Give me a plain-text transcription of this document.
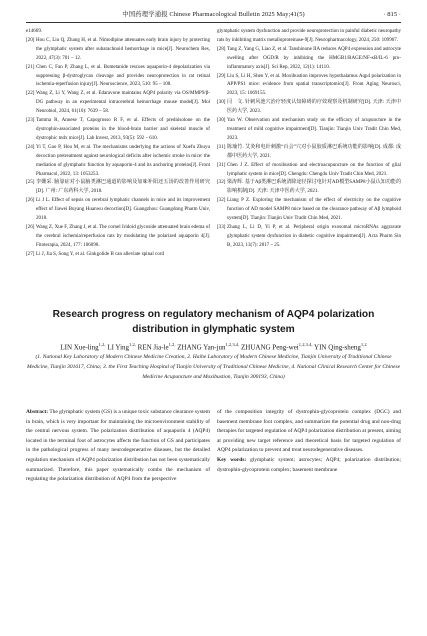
中国药理学通报 Chinese Pharmacological Bulletin 2025 May;41(5)	· 815 ·
e14669.
[20] Hou C, Liu Q, Zhang H, et al. Nimodipine attenuates early brain injury by protecting the glymphatic system after subarachnoid hemorrhage in mice[J]. Neurochem Res, 2022, 47(3): 701 – 12.
[21] Chen C, Fan P, Zhang L, et al. Bumetanide rescues aquaporin-4 depolarization via suppressing β-dystroglycan cleavage and provides neuroprotection in rat retinal ischemia-reperfusion injury[J]. Neuroscience, 2023, 510: 95 – 108.
[22] Wang Z, Li Y, Wang Z, et al. Edaravone maintains AQP4 polarity via OS/MMP9/β-DG pathway in an experimental intracerebral hemorrhage mouse model[J]. Mol Neurobiol, 2024, 61(10): 7639 – 58.
[23] Tamma R, Annese T, Capogrosso R F, et al. Effects of prednisolone on the dystrophin-associated proteins in the blood-brain barrier and skeletal muscle of dystrophic mdx mice[J]. Lab Invest, 2013, 93(5): 592 – 610.
[24] Yi T, Gao P, Hou M, et al. The mechanisms underlying the actions of Xuefu Zhuyu decoction pretreatment against neurological deficits after ischemic stroke in mice: the mediation of glymphatic function by aquaporin-4 and its anchoring proteins[J]. Front Pharmacol, 2022, 13: 1053253.
[25] 李姗采. 脑靠症对小鼠脑类淋巴通道的影响及加味补阳还五汤的改善作用研究[D]. 广州: 广东药科大学, 2018.
[26] Li J L. Effect of sepsis on cerebral lymphatic channels in mice and its improvement effect of Jiawei Buyang Huanwu decoction[D]. Guangzhou: Guangdong Pharm Univ, 2018.
[26] Wang Z, Xue F, Zhang J, et al. The cornel Iridoid glycoside attenuated brain edema of the cerebral ischemia/reperfusion rats by modulating the polarized aquaporin 4[J]. Fitoterapia, 2024, 177: 106098.
[27] Li J, Jia S, Song Y, et al. Ginkgolide B can alleviate spinal cord
glymphatic system dysfunction and provide neuroprotection in painful diabetic neuropathy rats by inhibiting matrix metalloproteinase-9[J]. Neuropharmacology, 2024, 250: 109907.
[28] Tang Z, Yang G, Liao Z, et al. Tanshinone IIA reduces AQP4 expression and astrocyte swelling after OGD/R by inhibiting the HMGB1/RAGE/NF-κB/IL-6 pro-inflammatory axis[J]. Sci Rep, 2022, 12(1): 14110.
[29] Liu S, Li H, Shen Y, et al. Moxibustion improves hypothalamus Aqp4 polarization in APP/PS1 mice: evidence from spatial transcriptomics[J]. Front Aging Neurosci, 2023, 15: 1069155.
[30] 闫　文. 针刺风池穴治疗轻度认知障碍的疗效观察及机制研究[D]. 天津: 天津中医药大学, 2023.
[30] Yan W. Observation and mechanism study on the efficacy of acupuncture in the treatment of mild cognitive impairment[D]. Tianjin: Tianjin Univ Tradit Chin Med, 2023.
[31] 陈瑜竹. 艾灸和电针刺激“百会”穴对小鼠胶质淋巴系统功能的影响[D]. 成都: 成都中医药大学, 2021.
[31] Chen J Z. Effect of moxibustion and electroacupuncture on the function of glial lymphatic system in mice[D]. Chengdu: Chengdu Univ Tradit Chin Med, 2021.
[32] 梁涛辉. 基于Aβ类淋巴系统清除途径探讨电针对AD模型SAMP8小鼠认知功能的影响机制[D]. 天津: 天津中医药大学, 2021.
[32] Liang P Z. Exploring the mechanism of the effect of electricity on the cognitive function of AD model SAMP8 mice based on the clearance pathway of Aβ lymphoid system[D]. Tianjin: Tianjin Univ Tradit Chin Med, 2021.
[33] Zhang L, Li D, Yi P, et al. Peripheral origin exosomal microRNAs aggravate glymphatic system dysfunction in diabetic cognitive impairment[J]. Acta Pharm Sin B, 2023, 13(7): 2817 – 25.
Research progress on regulatory mechanism of AQP4 polarization
distribution in glymphatic system
LIN Xue-ling$^{1,2,}$ LI Ying$^{1,2,}$ REN Jia-$le^{1,2,}$ ZHANG Yan-jun$^{1,2,3,4,}$ ZHUANG Peng-wei$^{1,2,3,4,}$ YIN Qing-sheng$^{1,2}$
(1. National Key Laboratory of Modern Chinese Medicine Creation, 2. Haihe Laboratory of Modern Chinese Medicine, Tianjin University of Traditional Chinese Medicine, Tianjin 301617, China; 3. the First Teaching Hospital of Tianjin University of Traditional Chinese Medicine, 4. National Clinical Research Center for Chinese Medicine Acupuncture and Moxibustion, Tianjin 300193, China)
Abstract: The glymphatic system (GS) is a unique toxic substance clearance system in brain, which is very important for maintaining the microenvironment stability of the central nervous system. The polarization distribution of aquaporin 4 (AQP4) located in the terminal foot of astrocytes affects the function of GS and participates in the pathological progress of many neurodegenerative diseases, but the detailed regulation mechanism of AQP4 polarization distribution has not been systematically summarized. Therefore, this paper systematically combs the mechanism of regulating the polarization distribution of AQP4 from the perspective
of the composition integrity of dystrophin-glycoprotein complex (DGC) and basement membrane foot complex, and summarizes the potential drug and non-drug therapies for targeted regulation of AQP4 polarization distribution at present, aiming at providing new target reference and theoretical basis for targeted regulation of AQP4 polarization to prevent and treat neurodegenerative diseases.
Key words: glymphatic system; astrocytes; AQP4; polarization distribution; dystrophin-glycoprotein complex; basement membrane
